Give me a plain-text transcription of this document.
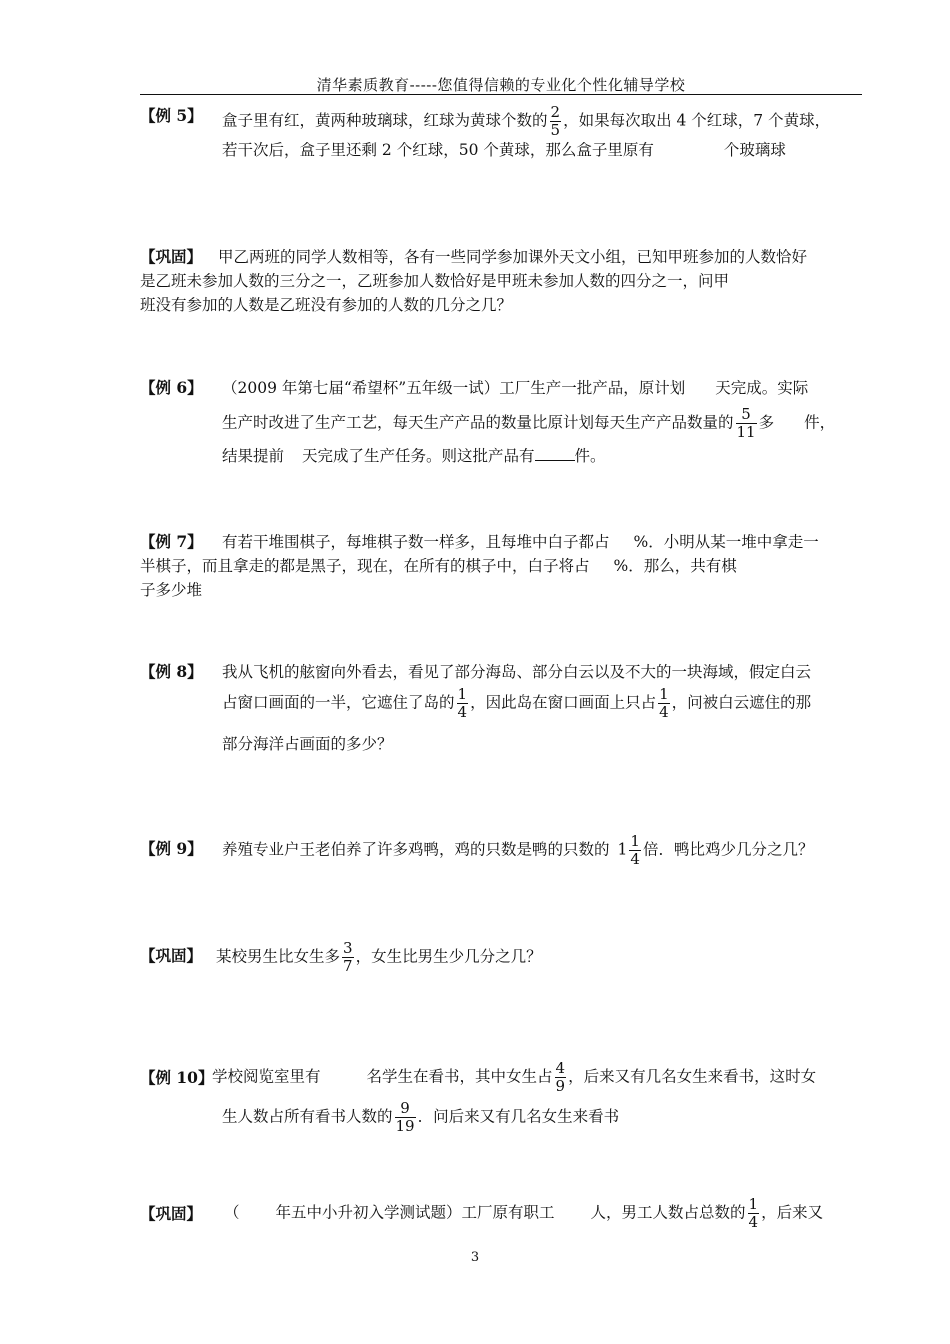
清华素质教育-----您值得信赖的专业化个性化辅导学校
【例 5】 盒子里有红，黄两种玻璃球，红球为黄球个数的 $\frac{2}{5}$ ，如果每次取出 4 个红球，7 个黄球，
若干次后，盒子里还剩 2 个红球，50 个黄球，那么盒子里原有	个玻璃球
【巩固】 甲乙两班的同学人数相等，各有一些同学参加课外天文小组，已知甲班参加的人数恰好
是乙班未参加人数的三分之一，乙班参加人数恰好是甲班未参加人数的四分之一，问甲
班没有参加的人数是乙班没有参加的人数的几分之几？
【例 6】 （2009 年第七届“希望杯”五年级一试）工厂生产一批产品，原计划 天完成。实际
生产时改进了生产工艺，每天生产产品的数量比原计划每天生产产品数量的 $\frac{5}{11}$ 多 件，
结果提前 天完成了生产任务。则这批产品有	件。
【例 7】 有若干堆围棋子，每堆棋子数一样多，且每堆中白子都占 %．小明从某一堆中拿走一
半棋子，而且拿走的都是黑子，现在，在所有的棋子中，白子将占 %．那么，共有棋
子多少堆
【例 8】 我从飞机的舷窗向外看去，看见了部分海岛、部分白云以及不大的一块海域，假定白云
占窗口画面的一半，它遮住了岛的 $\frac{1}{4}$ ，因此岛在窗口画面上只占 $\frac{1}{4}$ ，问被白云遮住的那
部分海洋占画面的多少？
【例 9】 养殖专业户王老伯养了许多鸡鸭，鸡的只数是鸭的只数的 $1 \frac{1}{4}$ 倍．鸭比鸡少几分之几？
【巩固】 某校男生比女生多 $\frac{3}{7}$ ，女生比男生少几分之几？
【例 10】
学校阅览室里有	名学生在看书，其中女生占 $\frac{4}{9}$ ，后来又有几名女生来看书，这时女
生人数占所有看书人数的 $\frac{9}{19}$ ．问后来又有几名女生来看书
【巩固】 （ 年五中小升初入学测试题）工厂原有职工 人，男工人数占总数的 $\frac{1}{4}$ ，后来又
3
